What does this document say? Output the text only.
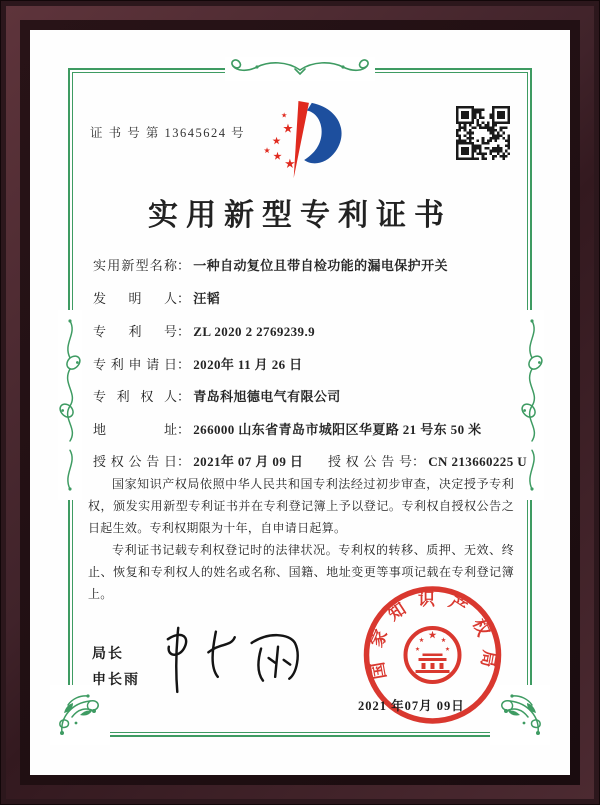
证 书 号 第 13645624 号
实用新型专利证书
实用新型名称： 一种自动复位且带自检功能的漏电保护开关
发明人： 汪韬
专利号： ZL 2020 2 2769239.9
专利申请日： 2020年 11 月 26 日
专利权人： 青岛科旭德电气有限公司
地址： 266000 山东省青岛市城阳区华夏路 21 号东 50 米
授权公告日： 2021年 07 月 09 日 授权公告号： CN 213660225 U

国家知识产权局依照中华人民共和国专利法经过初步审查，决定授予专利权，颁发实用新型专利证书并在专利登记簿上予以登记。专利权自授权公告之日起生效。专利权期限为十年，自申请日起算。

专利证书记载专利权登记时的法律状况。专利权的转移、质押、无效、终止、恢复和专利权人的姓名或名称、国籍、地址变更等事项记载在专利登记簿上。

局长
申长雨	国家知识产权局
2021 年07月 09日
